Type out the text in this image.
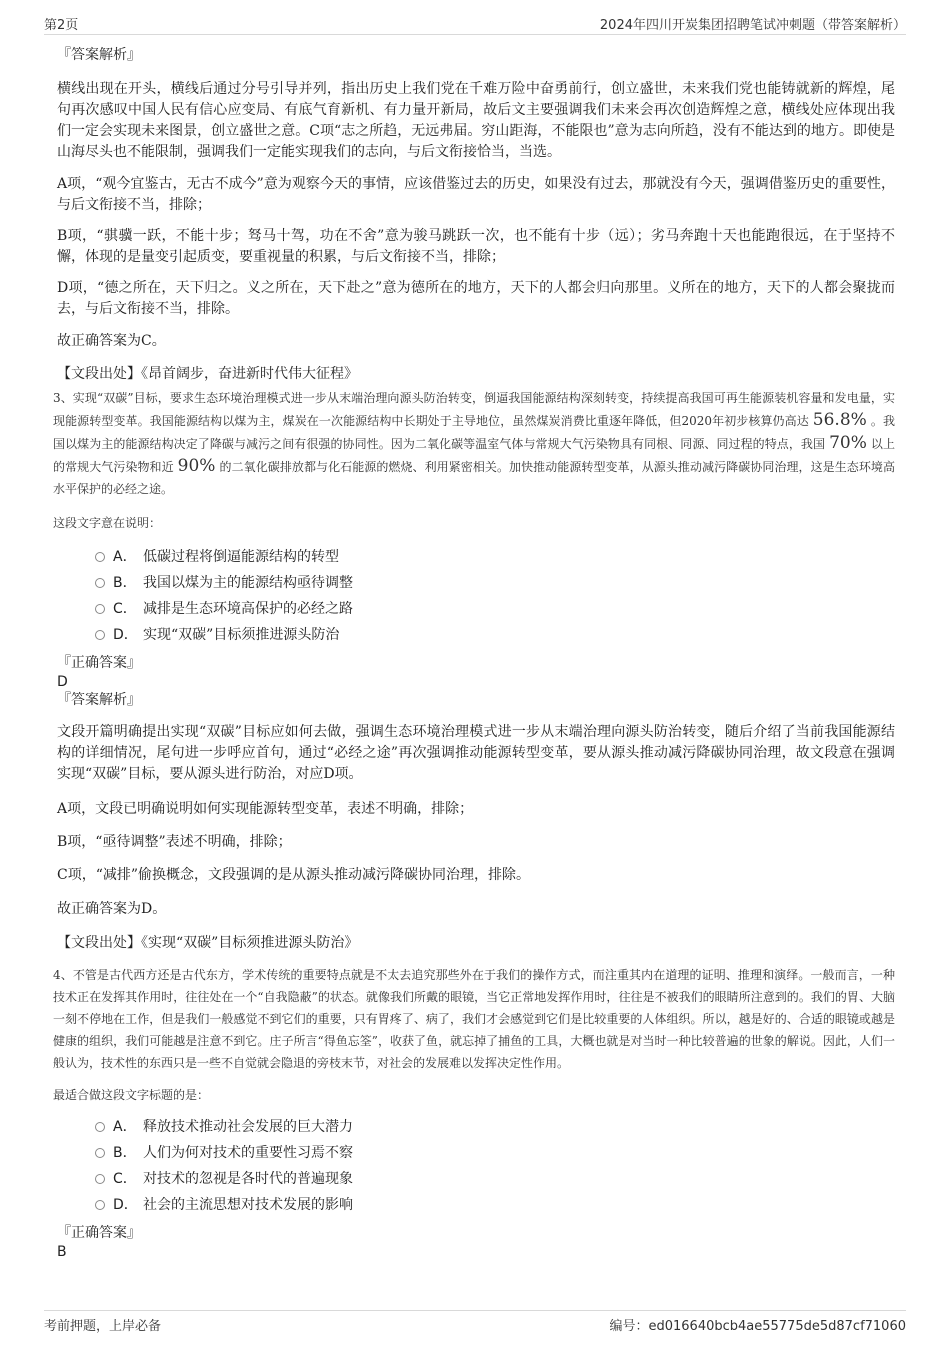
第2页	2024年四川开炭集团招聘笔试冲刺题（带答案解析）

『答案解析』

横线出现在开头，横线后通过分号引导并列，指出历史上我们党在千难万险中奋勇前行，创立盛世，未来我们党也能铸就新的辉煌，尾句再次感叹中国人民有信心应变局、有底气育新机、有力量开新局，故后文主要强调我们未来会再次创造辉煌之意，横线处应体现出我们一定会实现未来图景，创立盛世之意。C项“志之所趋，无远弗届。穷山距海，不能限也”意为志向所趋，没有不能达到的地方。即使是山海尽头也不能限制，强调我们一定能实现我们的志向，与后文衔接恰当，当选。

A项，“观今宜鉴古，无古不成今”意为观察今天的事情，应该借鉴过去的历史，如果没有过去，那就没有今天，强调借鉴历史的重要性，与后文衔接不当，排除；

B项，“骐骥一跃，不能十步；驽马十驾，功在不舍”意为骏马跳跃一次，也不能有十步（远）；劣马奔跑十天也能跑很远，在于坚持不懈，体现的是量变引起质变，要重视量的积累，与后文衔接不当，排除；

D项，“德之所在，天下归之。义之所在，天下赴之”意为德所在的地方，天下的人都会归向那里。义所在的地方，天下的人都会聚拢而去，与后文衔接不当，排除。

故正确答案为C。

【文段出处】《昂首阔步，奋进新时代伟大征程》

3、实现“双碳”目标，要求生态环境治理模式进一步从末端治理向源头防治转变，倒逼我国能源结构深刻转变，持续提高我国可再生能源装机容量和发电量，实现能源转型变革。我国能源结构以煤为主，煤炭在一次能源结构中长期处于主导地位，虽然煤炭消费比重逐年降低，但2020年初步核算仍高达 56.8% 。我国以煤为主的能源结构决定了降碳与减污之间有很强的协同性。因为二氧化碳等温室气体与常规大气污染物具有同根、同源、同过程的特点，我国 70% 以上的常规大气污染物和近 90% 的二氧化碳排放都与化石能源的燃烧、利用紧密相关。加快推动能源转型变革，从源头推动减污降碳协同治理，这是生态环境高水平保护的必经之途。

这段文字意在说明：

A． 低碳过程将倒逼能源结构的转型
B． 我国以煤为主的能源结构亟待调整
C． 减排是生态环境高保护的必经之路
D． 实现“双碳”目标须推进源头防治

『正确答案』

D

『答案解析』

文段开篇明确提出实现“双碳”目标应如何去做，强调生态环境治理模式进一步从末端治理向源头防治转变，随后介绍了当前我国能源结构的详细情况，尾句进一步呼应首句，通过“必经之途”再次强调推动能源转型变革，要从源头推动减污降碳协同治理，故文段意在强调实现“双碳”目标，要从源头进行防治，对应D项。

A项，文段已明确说明如何实现能源转型变革，表述不明确，排除；

B项，“亟待调整”表述不明确，排除；

C项，“减排”偷换概念，文段强调的是从源头推动减污降碳协同治理，排除。

故正确答案为D。

【文段出处】《实现“双碳”目标须推进源头防治》

4、不管是古代西方还是古代东方，学术传统的重要特点就是不太去追究那些外在于我们的操作方式，而注重其内在道理的证明、推理和演绎。一般而言，一种技术正在发挥其作用时，往往处在一个“自我隐蔽”的状态。就像我们所戴的眼镜，当它正常地发挥作用时，往往是不被我们的眼睛所注意到的。我们的胃、大脑一刻不停地在工作，但是我们一般感觉不到它们的重要，只有胃疼了、病了，我们才会感觉到它们是比较重要的人体组织。所以，越是好的、合适的眼镜或越是健康的组织，我们可能越是注意不到它。庄子所言“得鱼忘筌”，收获了鱼，就忘掉了捕鱼的工具，大概也就是对当时一种比较普遍的世象的解说。因此，人们一般认为，技术性的东西只是一些不自觉就会隐退的旁枝末节，对社会的发展难以发挥决定性作用。

最适合做这段文字标题的是：

A． 释放技术推动社会发展的巨大潜力
B． 人们为何对技术的重要性习焉不察
C． 对技术的忽视是各时代的普遍现象
D． 社会的主流思想对技术发展的影响

『正确答案』

B

考前押题，上岸必备	编号：ed016640bcb4ae55775de5d87cf71060
